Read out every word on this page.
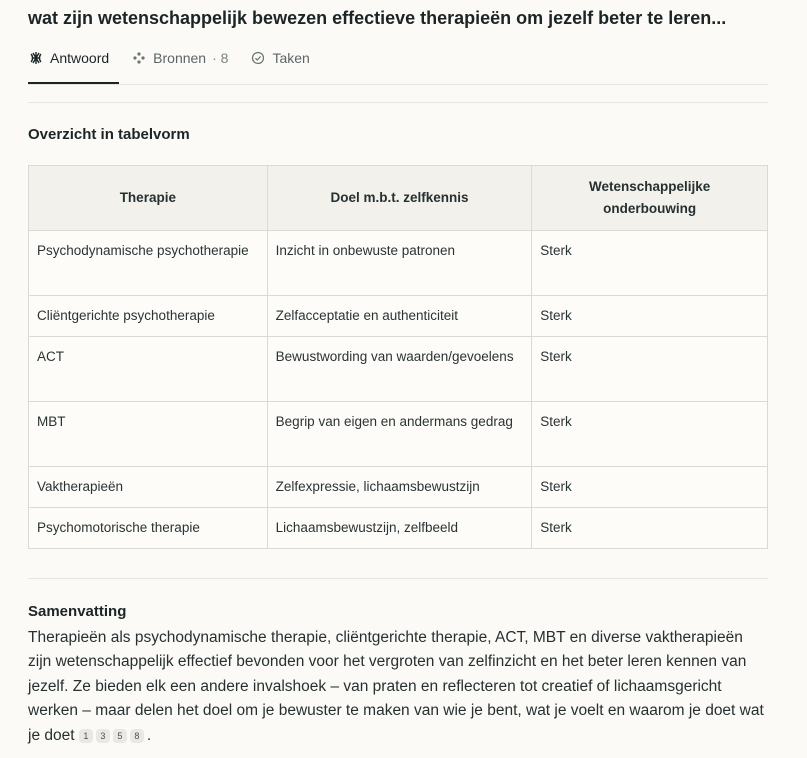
wat zijn wetenschappelijk bewezen effectieve therapieën om jezelf beter te leren...
Antwoord	Bronnen · 8	Taken
Overzicht in tabelvorm
Therapie	Doel m.b.t. zelfkennis	Wetenschappelijke onderbouwing
Psychodynamische psychotherapie	Inzicht in onbewuste patronen	Sterk
Cliëntgerichte psychotherapie	Zelfacceptatie en authenticiteit	Sterk
ACT	Bewustwording van waarden/gevoelens	Sterk
MBT	Begrip van eigen en andermans gedrag	Sterk
Vaktherapieën	Zelfexpressie, lichaamsbewustzijn	Sterk
Psychomotorische therapie	Lichaamsbewustzijn, zelfbeeld	Sterk
Samenvatting

Therapieën als psychodynamische therapie, cliëntgerichte therapie, ACT, MBT en diverse vaktherapieën zijn wetenschappelijk effectief bevonden voor het vergroten van zelfinzicht en het beter leren kennen van jezelf. Ze bieden elk een andere invalshoek – van praten en reflecteren tot creatief of lichaamsgericht werken – maar delen het doel om je bewuster te maken van wie je bent, wat je voelt en waarom je doet wat je doet 1 3 5 8 .
